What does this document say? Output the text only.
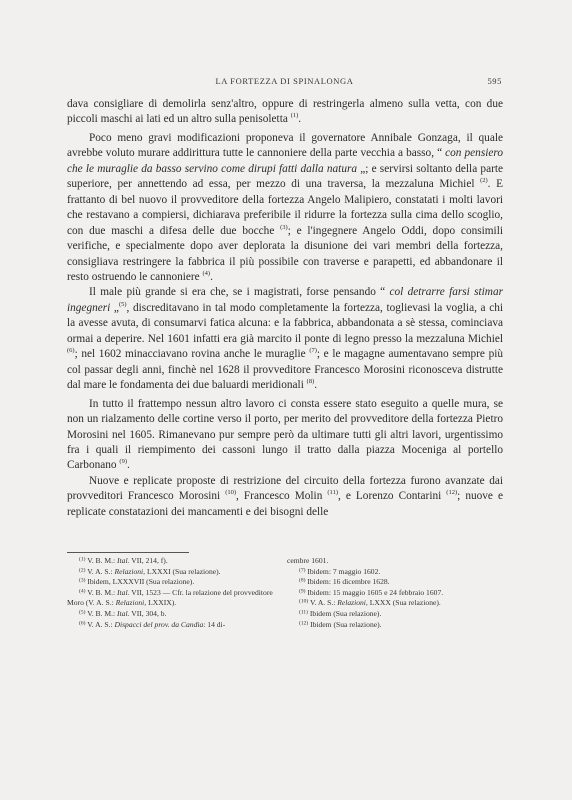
LA FORTEZZA DI SPINALONGA	595

dava consigliare di demolirla senz'altro, oppure di restringerla almeno sulla vetta, con due piccoli maschi ai lati ed un altro sulla penisoletta $^{(1)}$.

Poco meno gravi modificazioni proponeva il governatore Annibale Gonzaga, il quale avrebbe voluto murare addirittura tutte le cannoniere della parte vecchia a basso, “ con pensiero che le muraglie da basso servino come dirupi fatti dalla natura „; e servirsi soltanto della parte superiore, per annettendo ad essa, per mezzo di una traversa, la mezzaluna Michiel $^{(2)}$. E frattanto di bel nuovo il provveditore della fortezza Angelo Malipiero, constatati i molti lavori che restavano a compiersi, dichiarava preferibile il ridurre la fortezza sulla cima dello scoglio, con due maschi a difesa delle due bocche $^{(3)}$; e l'ingegnere Angelo Oddi, dopo consimili verifiche, e specialmente dopo aver deplorata la disunione dei vari membri della fortezza, consigliava restringere la fabbrica il più possibile con traverse e parapetti, ed abbandonare il resto ostruendo le cannoniere $^{(4)}$.

Il male più grande si era che, se i magistrati, forse pensando “ col detrarre farsi stimar ingegneri „$^{(5)}$, discreditavano in tal modo completamente la fortezza, toglievasi la voglia, a chi la avesse avuta, di consumarvi fatica alcuna: e la fabbrica, abbandonata a sè stessa, cominciava ormai a deperire. Nel 1601 infatti era già marcito il ponte di legno presso la mezzaluna Michiel $^{(6)}$; nel 1602 minacciavano rovina anche le muraglie $^{(7)}$; e le magagne aumentavano sempre più col passar degli anni, finchè nel 1628 il provveditore Francesco Morosini riconosceva distrutte dal mare le fondamenta dei due baluardi meridionali $^{(8)}$.

In tutto il frattempo nessun altro lavoro ci consta essere stato eseguito a quelle mura, se non un rialzamento delle cortine verso il porto, per merito del provveditore della fortezza Pietro Morosini nel 1605. Rimanevano pur sempre però da ultimare tutti gli altri lavori, urgentissimo fra i quali il riempimento dei cassoni lungo il tratto dalla piazza Moceniga al portello Carbonano $^{(9)}$.

Nuove e replicate proposte di restrizione del circuito della fortezza furono avanzate dai provveditori Francesco Morosini $^{(10)}$, Francesco Molin $^{(11)}$, e Lorenzo Contarini $^{(12)}$; nuove e replicate constatazioni dei mancamenti e dei bisogni delle

$^{(1)}$ V. B. M.: Ital. VII, 214, f).
$^{(2)}$ V. A. S.: Relazioni, LXXXI (Sua relazione).
$^{(3)}$ Ibidem, LXXXVII (Sua relazione).
$^{(4)}$ V. B. M.: Ital. VII, 1523 — Cfr. la relazione del provveditore Moro (V. A. S.: Relazioni, LXXIX).
$^{(5)}$ V. B. M.: Ital. VII, 304, b.
$^{(6)}$ V. A. S.: Dispacci del prov. da Candia: 14 di-
cembre 1601.
$^{(7)}$ Ibidem: 7 maggio 1602.
$^{(8)}$ Ibidem: 16 dicembre 1628.
$^{(9)}$ Ibidem: 15 maggio 1605 e 24 febbraio 1607.
$^{(10)}$ V. A. S.: Relazioni, LXXX (Sua relazione).
$^{(11)}$ Ibidem (Sua relazione).
$^{(12)}$ Ibidem (Sua relazione).
